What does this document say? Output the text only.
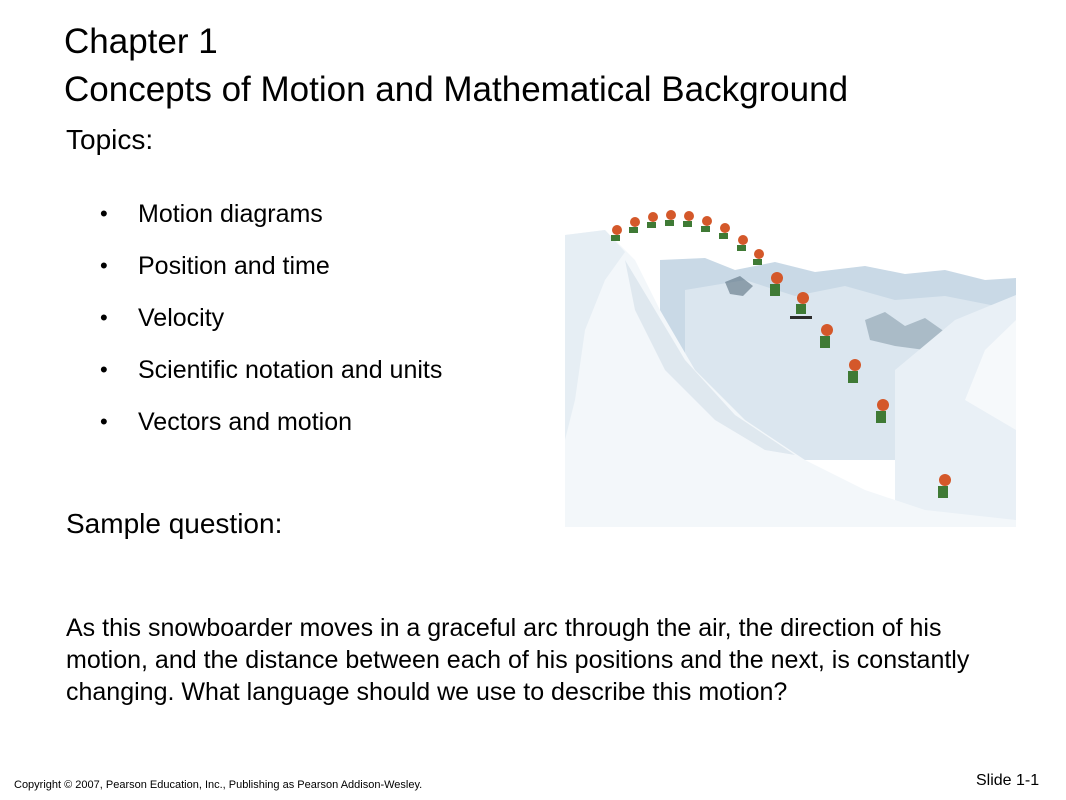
Chapter 1
Concepts of Motion and Mathematical Background
Topics:
• Motion diagrams
• Position and time
• Velocity
• Scientific notation and units
• Vectors and motion
Sample question:
As this snowboarder moves in a graceful arc through the air, the direction of his motion, and the distance between each of his positions and the next, is constantly changing. What language should we use to describe this motion?
Copyright © 2007, Pearson Education, Inc., Publishing as Pearson Addison-Wesley.	Slide 1-1
